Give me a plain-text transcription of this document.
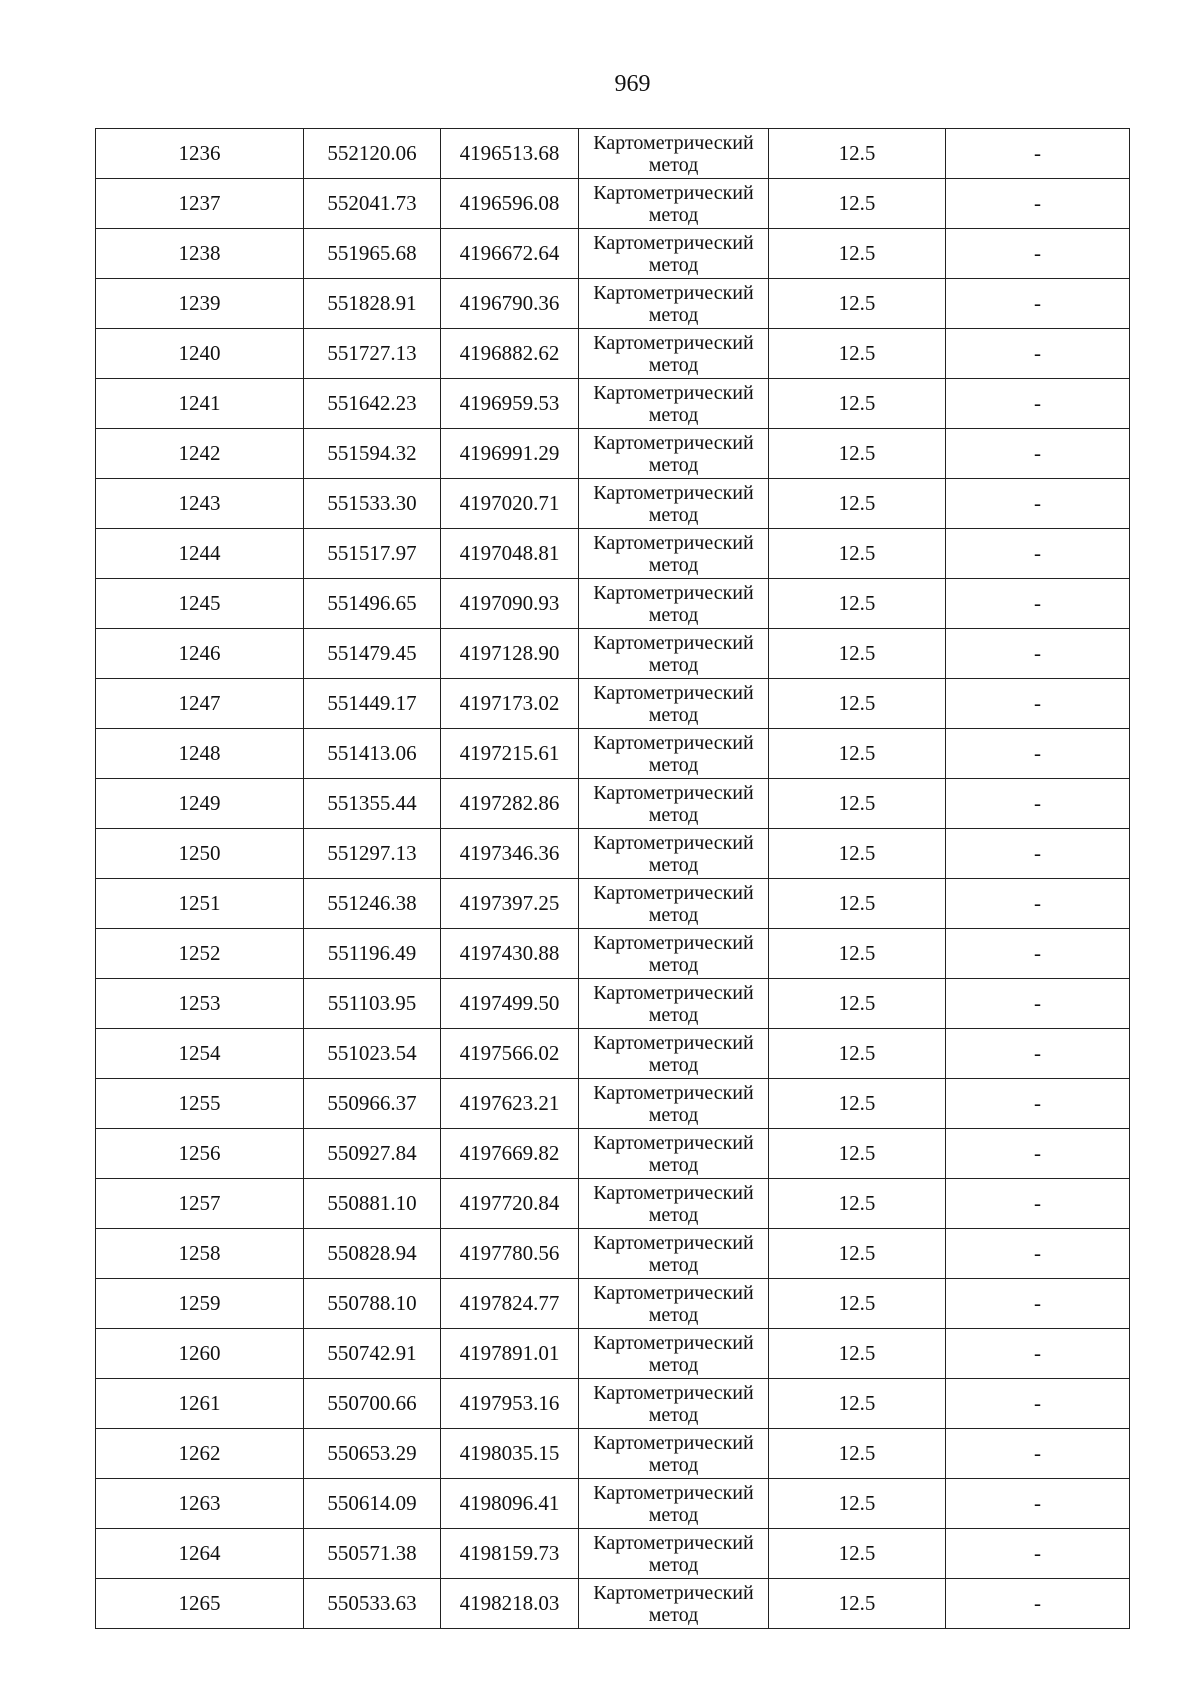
969
1236	552120.06	4196513.68	Картометрический
метод	12.5	-
1237	552041.73	4196596.08	Картометрический
метод	12.5	-
1238	551965.68	4196672.64	Картометрический
метод	12.5	-
1239	551828.91	4196790.36	Картометрический
метод	12.5	-
1240	551727.13	4196882.62	Картометрический
метод	12.5	-
1241	551642.23	4196959.53	Картометрический
метод	12.5	-
1242	551594.32	4196991.29	Картометрический
метод	12.5	-
1243	551533.30	4197020.71	Картометрический
метод	12.5	-
1244	551517.97	4197048.81	Картометрический
метод	12.5	-
1245	551496.65	4197090.93	Картометрический
метод	12.5	-
1246	551479.45	4197128.90	Картометрический
метод	12.5	-
1247	551449.17	4197173.02	Картометрический
метод	12.5	-
1248	551413.06	4197215.61	Картометрический
метод	12.5	-
1249	551355.44	4197282.86	Картометрический
метод	12.5	-
1250	551297.13	4197346.36	Картометрический
метод	12.5	-
1251	551246.38	4197397.25	Картометрический
метод	12.5	-
1252	551196.49	4197430.88	Картометрический
метод	12.5	-
1253	551103.95	4197499.50	Картометрический
метод	12.5	-
1254	551023.54	4197566.02	Картометрический
метод	12.5	-
1255	550966.37	4197623.21	Картометрический
метод	12.5	-
1256	550927.84	4197669.82	Картометрический
метод	12.5	-
1257	550881.10	4197720.84	Картометрический
метод	12.5	-
1258	550828.94	4197780.56	Картометрический
метод	12.5	-
1259	550788.10	4197824.77	Картометрический
метод	12.5	-
1260	550742.91	4197891.01	Картометрический
метод	12.5	-
1261	550700.66	4197953.16	Картометрический
метод	12.5	-
1262	550653.29	4198035.15	Картометрический
метод	12.5	-
1263	550614.09	4198096.41	Картометрический
метод	12.5	-
1264	550571.38	4198159.73	Картометрический
метод	12.5	-
1265	550533.63	4198218.03	Картометрический
метод	12.5	-
